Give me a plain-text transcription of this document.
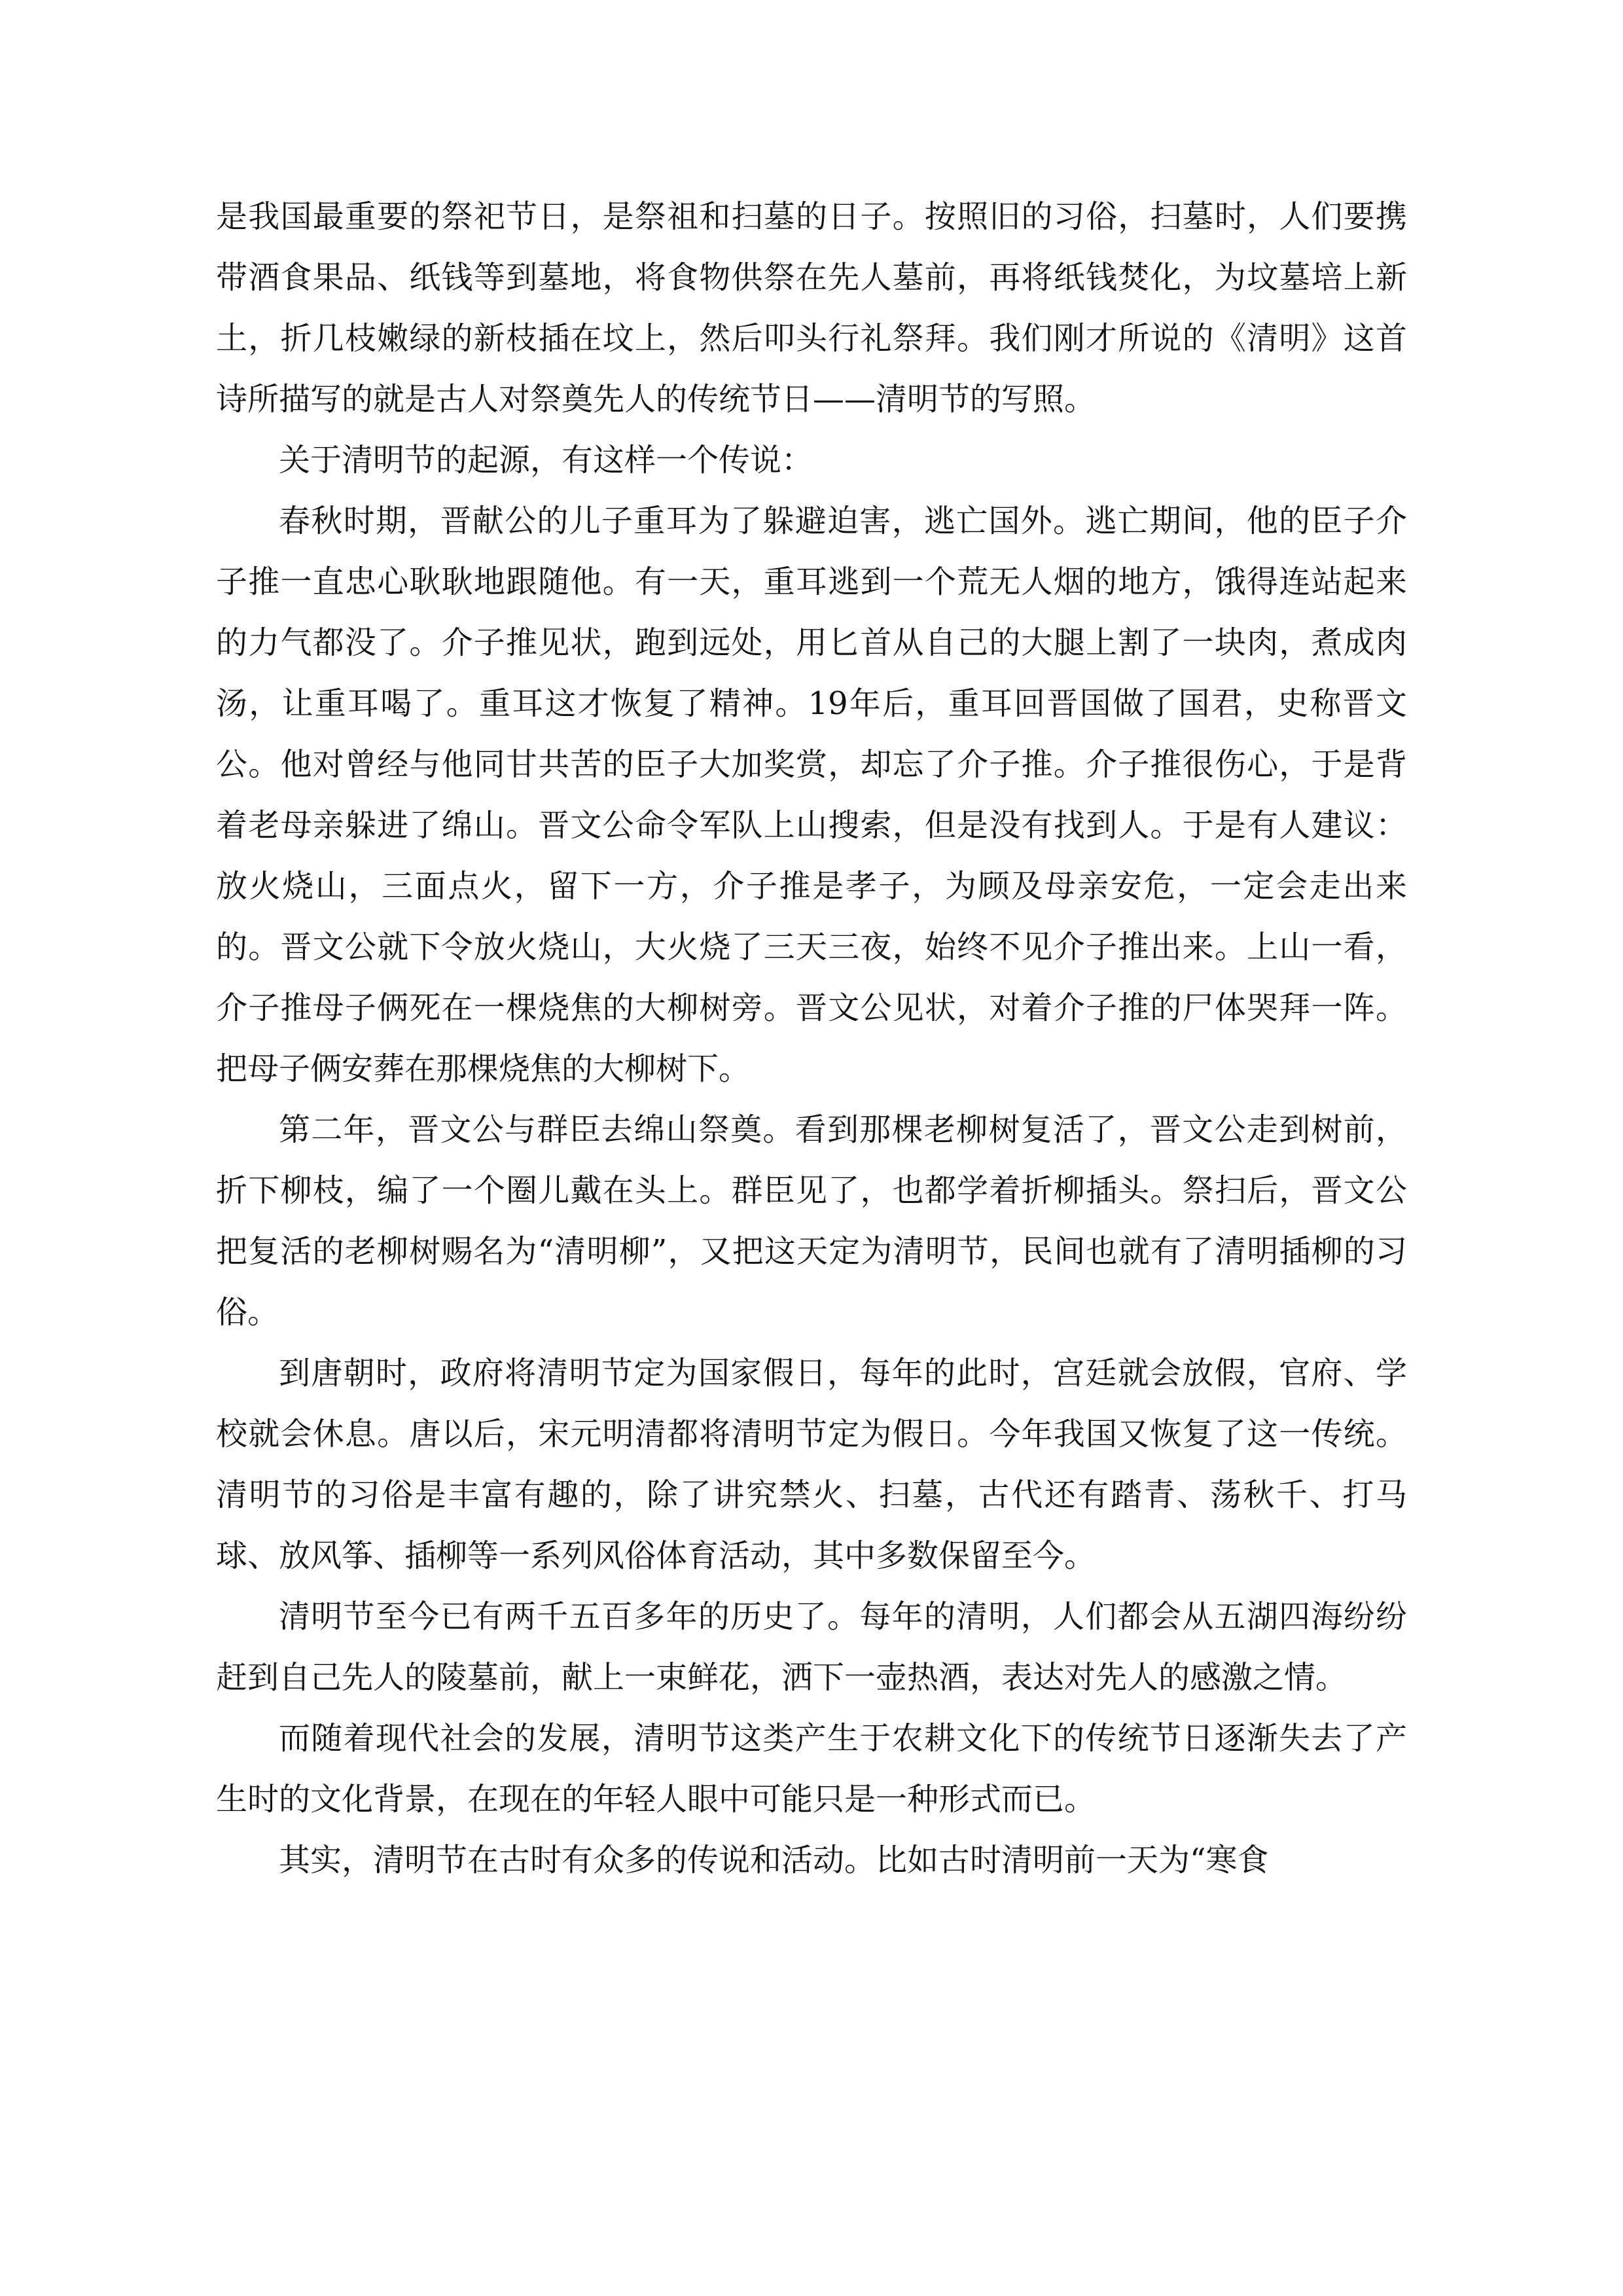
是我国最重要的祭祀节日，是祭祖和扫墓的日子。按照旧的习俗，扫墓时，人们要携带酒食果品、纸钱等到墓地，将食物供祭在先人墓前，再将纸钱焚化，为坟墓培上新土，折几枝嫩绿的新枝插在坟上，然后叩头行礼祭拜。我们刚才所说的《清明》这首诗所描写的就是古人对祭奠先人的传统节日——清明节的写照。

关于清明节的起源，有这样一个传说：

春秋时期，晋献公的儿子重耳为了躲避迫害，逃亡国外。逃亡期间，他的臣子介子推一直忠心耿耿地跟随他。有一天，重耳逃到一个荒无人烟的地方，饿得连站起来的力气都没了。介子推见状，跑到远处，用匕首从自己的大腿上割了一块肉，煮成肉汤，让重耳喝了。重耳这才恢复了精神。19年后，重耳回晋国做了国君，史称晋文公。他对曾经与他同甘共苦的臣子大加奖赏，却忘了介子推。介子推很伤心，于是背着老母亲躲进了绵山。晋文公命令军队上山搜索，但是没有找到人。于是有人建议：放火烧山，三面点火，留下一方，介子推是孝子，为顾及母亲安危，一定会走出来的。晋文公就下令放火烧山，大火烧了三天三夜，始终不见介子推出来。上山一看，介子推母子俩死在一棵烧焦的大柳树旁。晋文公见状，对着介子推的尸体哭拜一阵。把母子俩安葬在那棵烧焦的大柳树下。

第二年，晋文公与群臣去绵山祭奠。看到那棵老柳树复活了，晋文公走到树前，折下柳枝，编了一个圈儿戴在头上。群臣见了，也都学着折柳插头。祭扫后，晋文公把复活的老柳树赐名为“清明柳”，又把这天定为清明节，民间也就有了清明插柳的习俗。

到唐朝时，政府将清明节定为国家假日，每年的此时，宫廷就会放假，官府、学校就会休息。唐以后，宋元明清都将清明节定为假日。今年我国又恢复了这一传统。清明节的习俗是丰富有趣的，除了讲究禁火、扫墓，古代还有踏青、荡秋千、打马球、放风筝、插柳等一系列风俗体育活动，其中多数保留至今。

清明节至今已有两千五百多年的历史了。每年的清明，人们都会从五湖四海纷纷赶到自己先人的陵墓前，献上一束鲜花，洒下一壶热酒，表达对先人的感激之情。

而随着现代社会的发展，清明节这类产生于农耕文化下的传统节日逐渐失去了产生时的文化背景，在现在的年轻人眼中可能只是一种形式而已。

其实，清明节在古时有众多的传说和活动。比如古时清明前一天为“寒食
